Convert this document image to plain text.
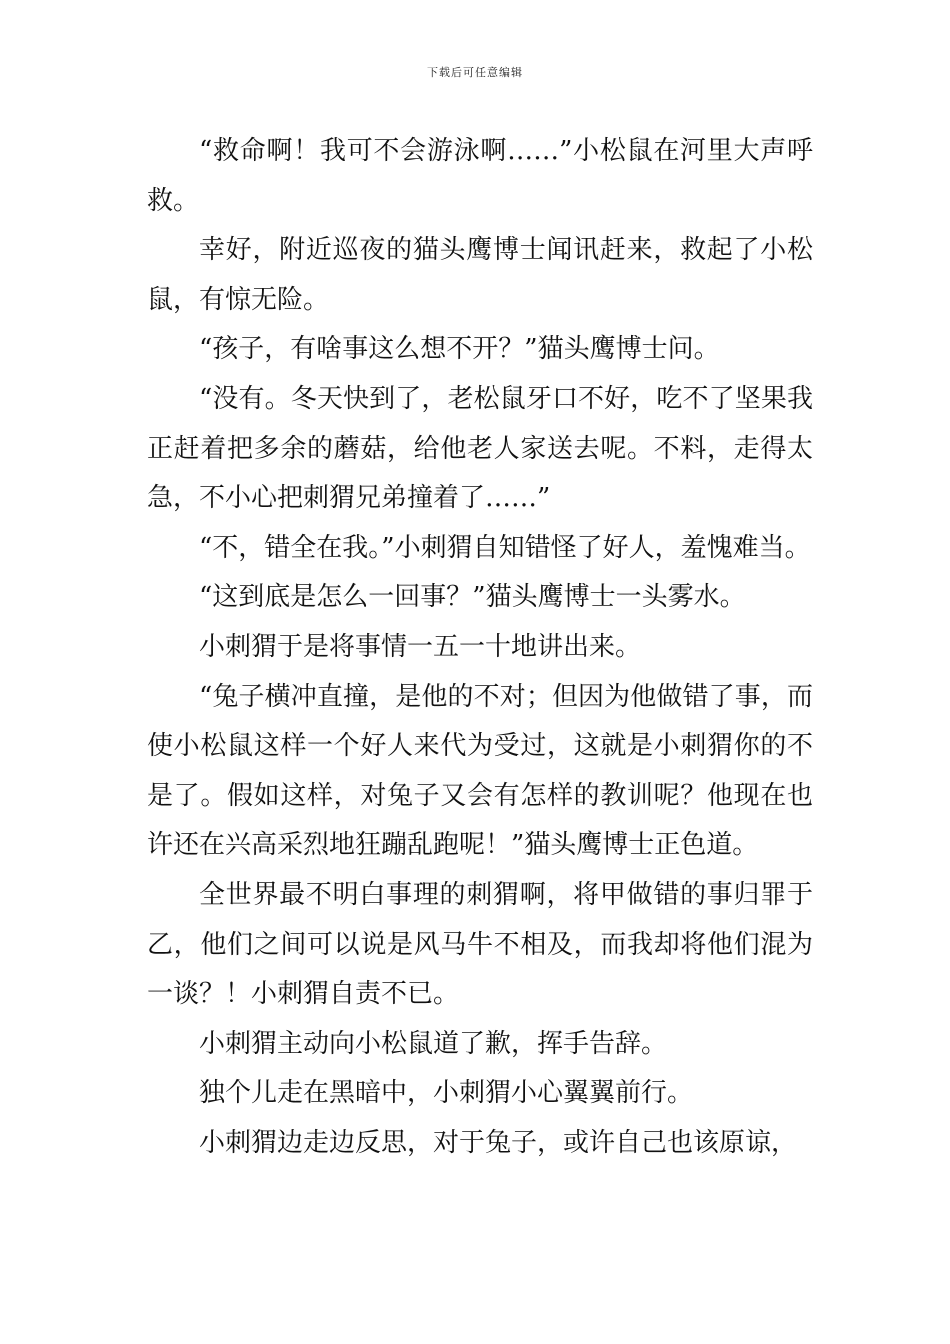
下载后可任意编辑

“救命啊！我可不会游泳啊……”小松鼠在河里大声呼救。

幸好，附近巡夜的猫头鹰博士闻讯赶来，救起了小松鼠，有惊无险。

“孩子，有啥事这么想不开？”猫头鹰博士问。

“没有。冬天快到了，老松鼠牙口不好，吃不了坚果我正赶着把多余的蘑菇，给他老人家送去呢。不料，走得太急，不小心把刺猬兄弟撞着了……”

“不，错全在我。”小刺猬自知错怪了好人，羞愧难当。

“这到底是怎么一回事？”猫头鹰博士一头雾水。

小刺猬于是将事情一五一十地讲出来。

“兔子横冲直撞，是他的不对；但因为他做错了事，而使小松鼠这样一个好人来代为受过，这就是小刺猬你的不是了。假如这样，对兔子又会有怎样的教训呢？他现在也许还在兴高采烈地狂蹦乱跑呢！”猫头鹰博士正色道。

全世界最不明白事理的刺猬啊，将甲做错的事归罪于乙，他们之间可以说是风马牛不相及，而我却将他们混为一谈？！小刺猬自责不已。

小刺猬主动向小松鼠道了歉，挥手告辞。

独个儿走在黑暗中，小刺猬小心翼翼前行。

小刺猬边走边反思，对于兔子，或许自己也该原谅，
